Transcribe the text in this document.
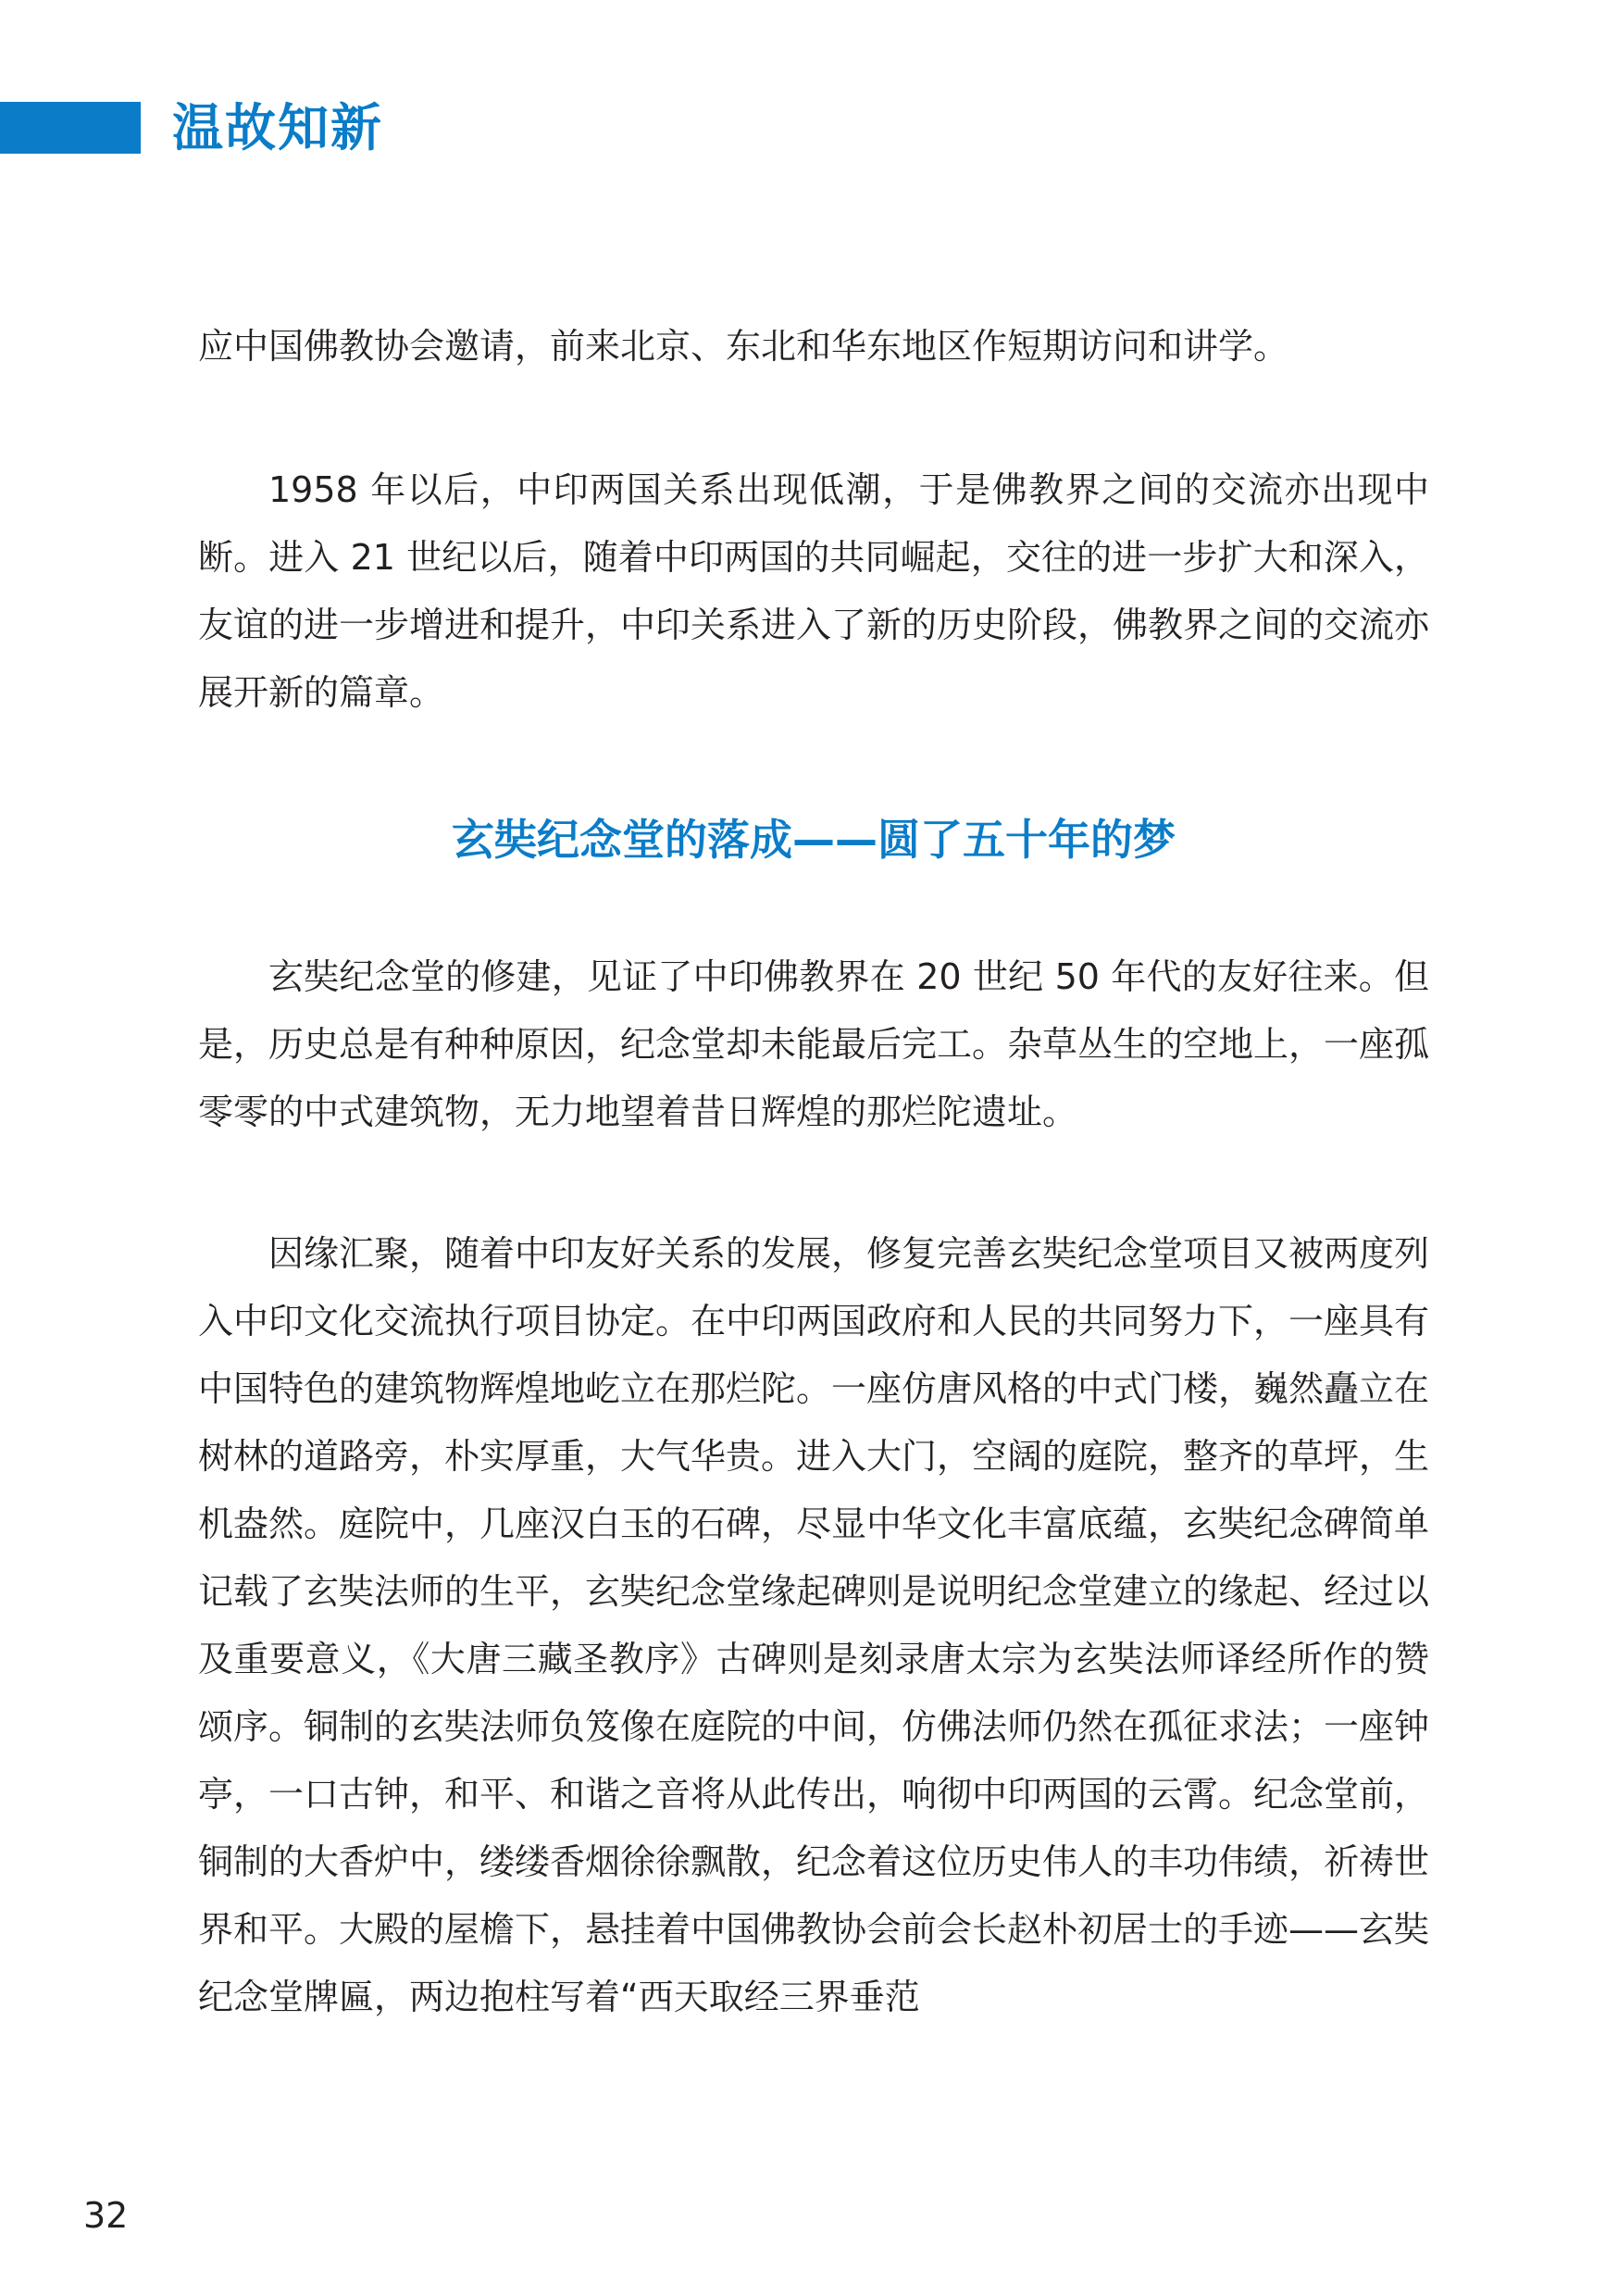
温故知新

应中国佛教协会邀请，前来北京、东北和华东地区作短期访问和讲学。

1958 年以后，中印两国关系出现低潮，于是佛教界之间的交流亦出现中断。进入 21 世纪以后，随着中印两国的共同崛起，交往的进一步扩大和深入，友谊的进一步增进和提升，中印关系进入了新的历史阶段，佛教界之间的交流亦展开新的篇章。

玄奘纪念堂的落成——圆了五十年的梦

玄奘纪念堂的修建，见证了中印佛教界在 20 世纪 50 年代的友好往来。但是，历史总是有种种原因，纪念堂却未能最后完工。杂草丛生的空地上，一座孤零零的中式建筑物，无力地望着昔日辉煌的那烂陀遗址。

因缘汇聚，随着中印友好关系的发展，修复完善玄奘纪念堂项目又被两度列入中印文化交流执行项目协定。在中印两国政府和人民的共同努力下，一座具有中国特色的建筑物辉煌地屹立在那烂陀。一座仿唐风格的中式门楼，巍然矗立在树林的道路旁，朴实厚重，大气华贵。进入大门，空阔的庭院，整齐的草坪，生机盎然。庭院中，几座汉白玉的石碑，尽显中华文化丰富底蕴，玄奘纪念碑简单记载了玄奘法师的生平，玄奘纪念堂缘起碑则是说明纪念堂建立的缘起、经过以及重要意义，《大唐三藏圣教序》古碑则是刻录唐太宗为玄奘法师译经所作的赞颂序。铜制的玄奘法师负笈像在庭院的中间，仿佛法师仍然在孤征求法；一座钟亭，一口古钟，和平、和谐之音将从此传出，响彻中印两国的云霄。纪念堂前，铜制的大香炉中，缕缕香烟徐徐飘散，纪念着这位历史伟人的丰功伟绩，祈祷世界和平。大殿的屋檐下，悬挂着中国佛教协会前会长赵朴初居士的手迹——玄奘纪念堂牌匾，两边抱柱写着“西天取经三界垂范

32
